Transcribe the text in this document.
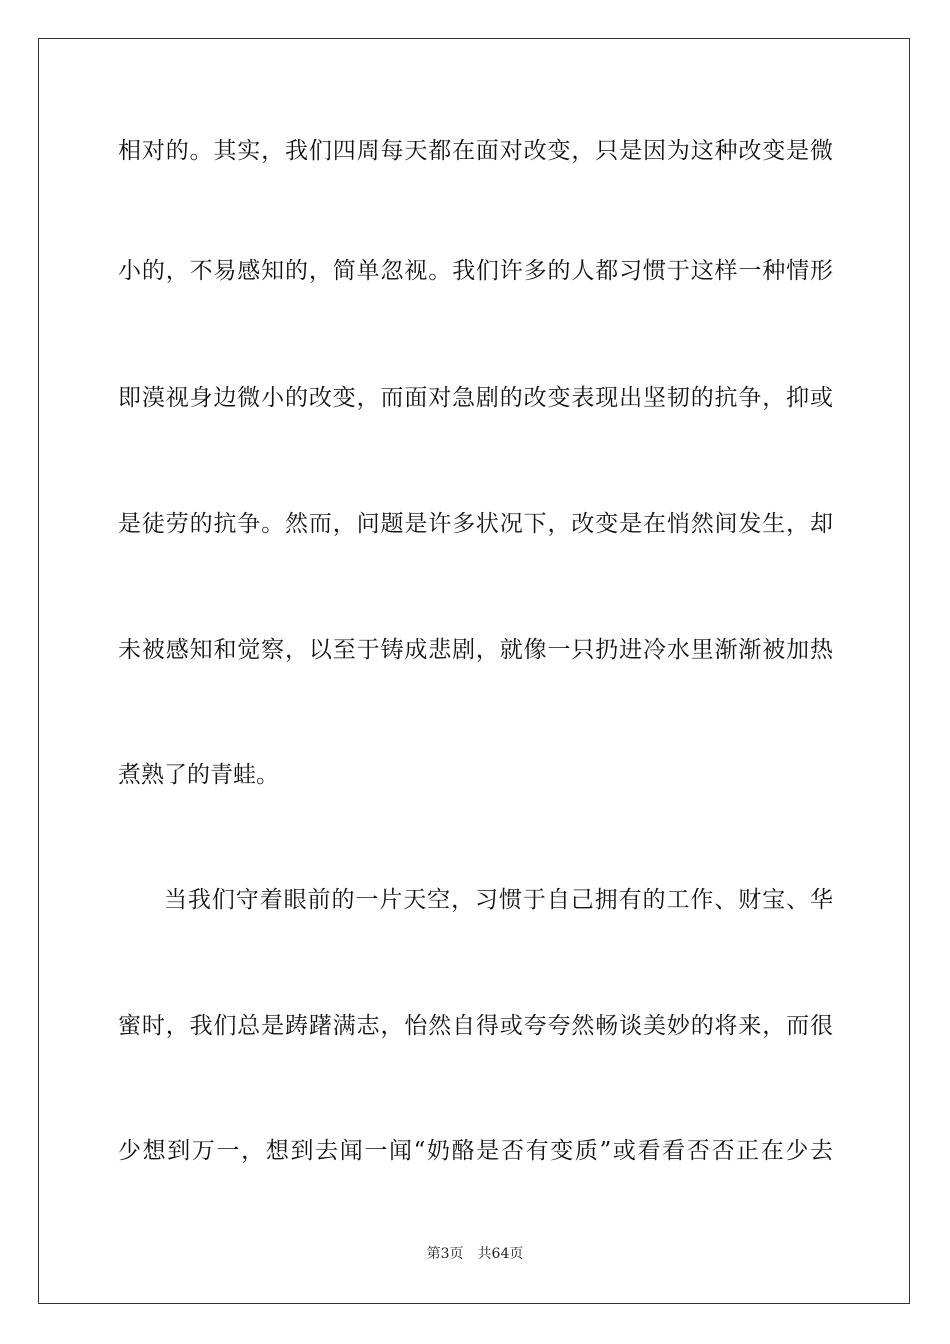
相对的。其实，我们四周每天都在面对改变，只是因为这种改变是微
小的，不易感知的，简单忽视。我们许多的人都习惯于这样一种情形
即漠视身边微小的改变，而面对急剧的改变表现出坚韧的抗争，抑或
是徒劳的抗争。然而，问题是许多状况下，改变是在悄然间发生，却
未被感知和觉察，以至于铸成悲剧，就像一只扔进冷水里渐渐被加热
煮熟了的青蛙。
当我们守着眼前的一片天空，习惯于自己拥有的工作、财宝、华
蜜时，我们总是踌躇满志，怡然自得或夸夸然畅谈美妙的将来，而很
少想到万一，想到去闻一闻“奶酪是否有变质”或看看否否正在少去
第3页　共64页
